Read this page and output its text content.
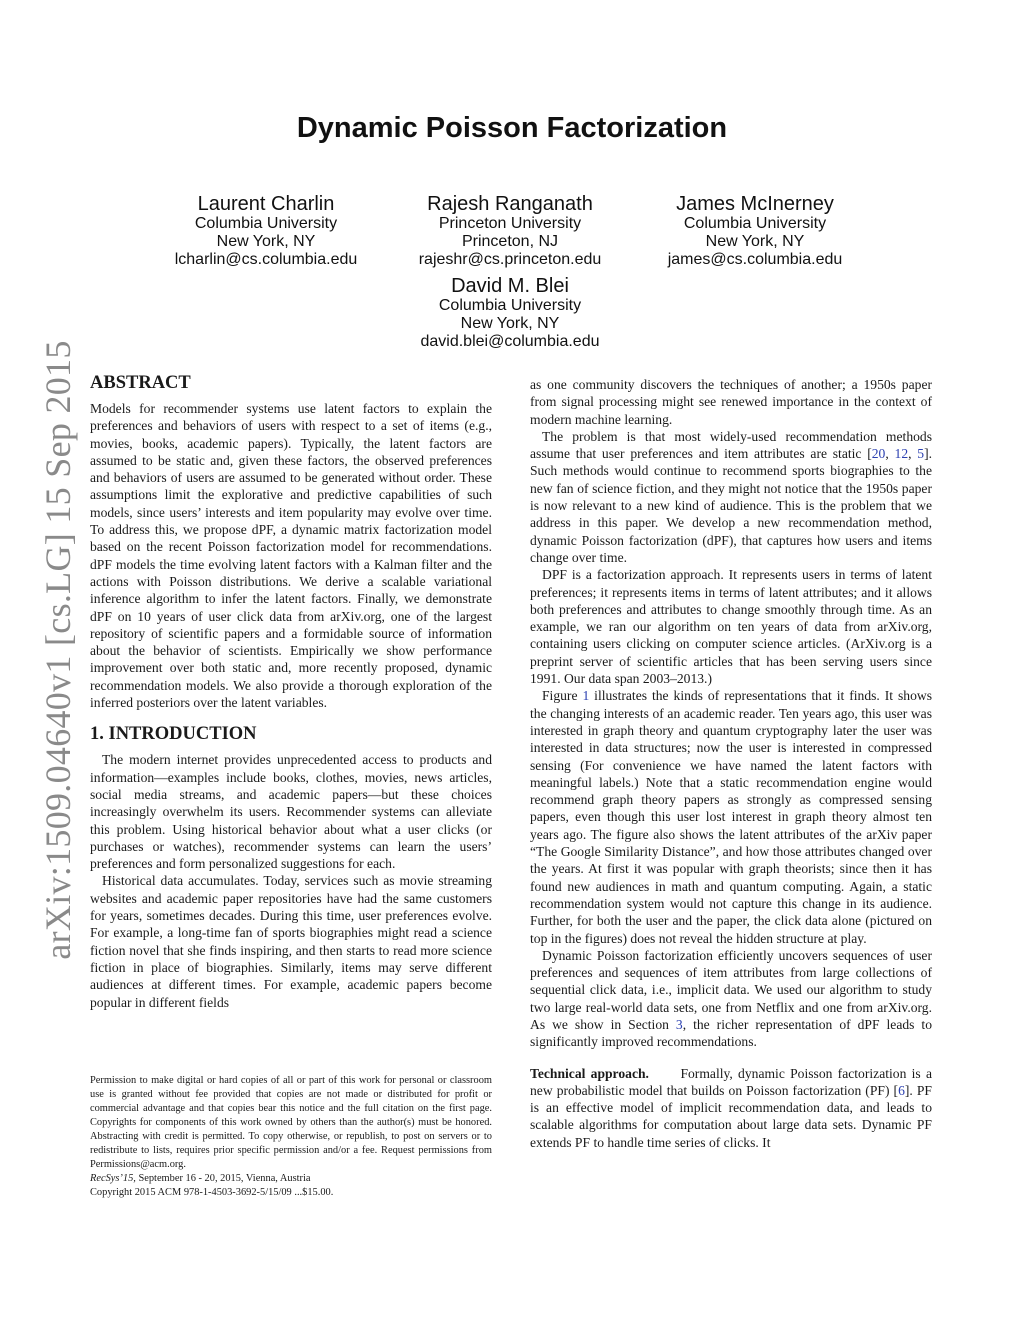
arXiv:1509.04640v1 [cs.LG] 15 Sep 2015
Dynamic Poisson Factorization
Laurent Charlin
Columbia University
New York, NY
lcharlin@cs.columbia.edu
Rajesh Ranganath
Princeton University
Princeton, NJ
rajeshr@cs.princeton.edu
James McInerney
Columbia University
New York, NY
james@cs.columbia.edu
David M. Blei
Columbia University
New York, NY
david.blei@columbia.edu
ABSTRACT

Models for recommender systems use latent factors to explain the preferences and behaviors of users with respect to a set of items (e.g., movies, books, academic papers). Typically, the latent factors are assumed to be static and, given these factors, the observed preferences and behaviors of users are assumed to be generated without order. These assumptions limit the explorative and predictive capabilities of such models, since users’ interests and item popularity may evolve over time. To address this, we propose dPF, a dynamic matrix factorization model based on the recent Poisson factorization model for recommendations. dPF models the time evolving latent factors with a Kalman filter and the actions with Poisson distributions. We derive a scalable variational inference algorithm to infer the latent factors. Finally, we demonstrate dPF on 10 years of user click data from arXiv.org, one of the largest repository of scientific papers and a formidable source of information about the behavior of scientists. Empirically we show performance improvement over both static and, more recently proposed, dynamic recommendation models. We also provide a thorough exploration of the inferred posteriors over the latent variables.

1. INTRODUCTION

The modern internet provides unprecedented access to products and information—examples include books, clothes, movies, news articles, social media streams, and academic papers—but these choices increasingly overwhelm its users. Recommender systems can alleviate this problem. Using historical behavior about what a user clicks (or purchases or watches), recommender systems can learn the users’ preferences and form personalized suggestions for each.

Historical data accumulates. Today, services such as movie streaming websites and academic paper repositories have had the same customers for years, sometimes decades. During this time, user preferences evolve. For example, a long-time fan of sports biographies might read a science fiction novel that she finds inspiring, and then starts to read more science fiction in place of biographies. Similarly, items may serve different audiences at different times. For example, academic papers become popular in different fields

Permission to make digital or hard copies of all or part of this work for personal or classroom use is granted without fee provided that copies are not made or distributed for profit or commercial advantage and that copies bear this notice and the full citation on the first page. Copyrights for components of this work owned by others than the author(s) must be honored. Abstracting with credit is permitted. To copy otherwise, or republish, to post on servers or to redistribute to lists, requires prior specific permission and/or a fee. Request permissions from Permissions@acm.org.

RecSys’15, September 16 - 20, 2015, Vienna, Austria

Copyright 2015 ACM 978-1-4503-3692-5/15/09 ...$15.00.

as one community discovers the techniques of another; a 1950s paper from signal processing might see renewed importance in the context of modern machine learning.

The problem is that most widely-used recommendation methods assume that user preferences and item attributes are static [20, 12, 5]. Such methods would continue to recommend sports biographies to the new fan of science fiction, and they might not notice that the 1950s paper is now relevant to a new kind of audience. This is the problem that we address in this paper. We develop a new recommendation method, dynamic Poisson factorization (dPF), that captures how users and items change over time.

DPF is a factorization approach. It represents users in terms of latent preferences; it represents items in terms of latent attributes; and it allows both preferences and attributes to change smoothly through time. As an example, we ran our algorithm on ten years of data from arXiv.org, containing users clicking on computer science articles. (ArXiv.org is a preprint server of scientific articles that has been serving users since 1991. Our data span 2003–2013.)

Figure 1 illustrates the kinds of representations that it finds. It shows the changing interests of an academic reader. Ten years ago, this user was interested in graph theory and quantum cryptography later the user was interested in data structures; now the user is interested in compressed sensing (For convenience we have named the latent factors with meaningful labels.) Note that a static recommendation engine would recommend graph theory papers as strongly as compressed sensing papers, even though this user lost interest in graph theory almost ten years ago. The figure also shows the latent attributes of the arXiv paper “The Google Similarity Distance”, and how those attributes changed over the years. At first it was popular with graph theorists; since then it has found new audiences in math and quantum computing. Again, a static recommendation system would not capture this change in its audience. Further, for both the user and the paper, the click data alone (pictured on top in the figures) does not reveal the hidden structure at play.

Dynamic Poisson factorization efficiently uncovers sequences of user preferences and sequences of item attributes from large collections of sequential click data, i.e., implicit data. We used our algorithm to study two large real-world data sets, one from Netflix and one from arXiv.org. As we show in Section 3, the richer representation of dPF leads to significantly improved recommendations.

Technical approach.      Formally, dynamic Poisson factorization is a new probabilistic model that builds on Poisson factorization (PF) [6]. PF is an effective model of implicit recommendation data, and leads to scalable algorithms for computation about large data sets. Dynamic PF extends PF to handle time series of clicks. It
